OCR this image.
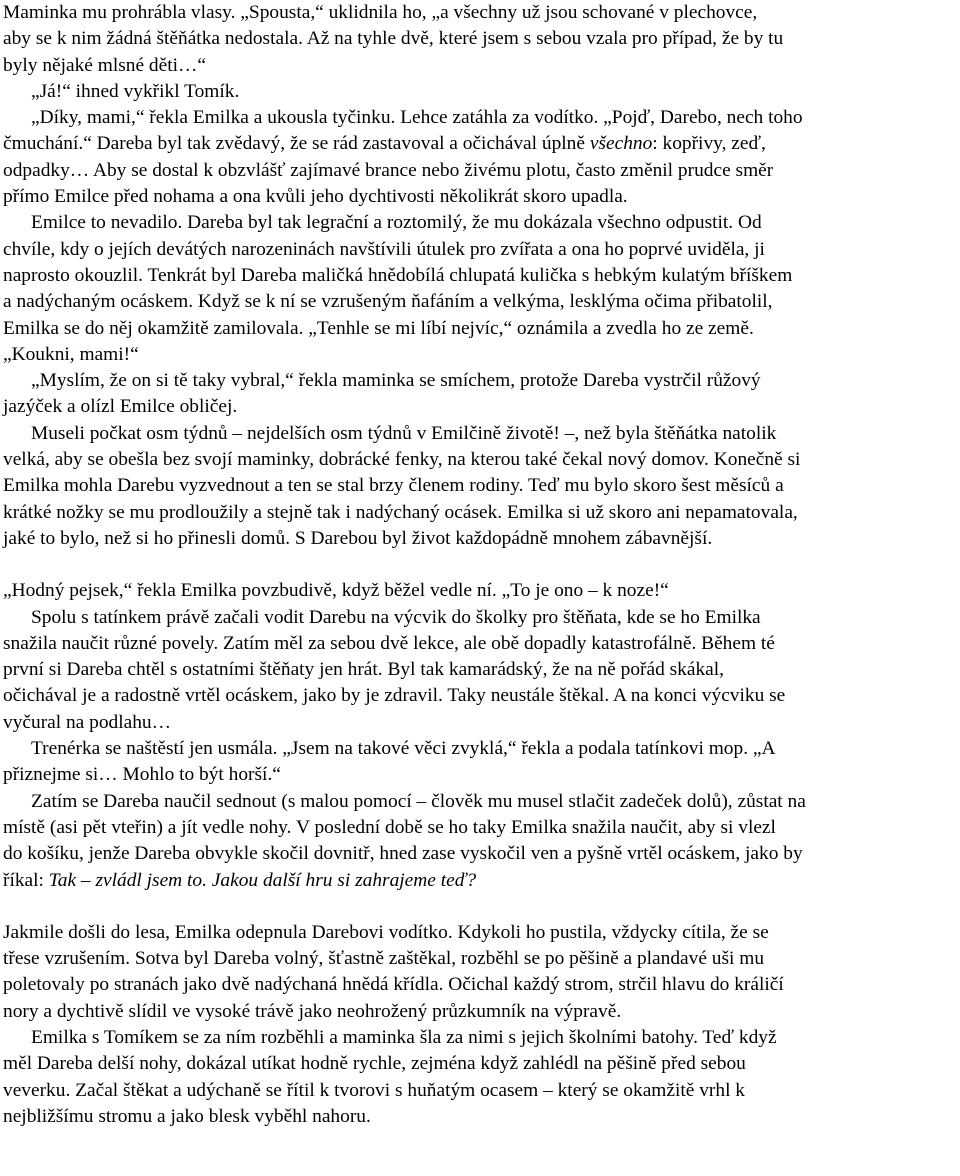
Maminka mu prohrábla vlasy. „Spousta,“ uklidnila ho, „a všechny už jsou schované v plechovce,
aby se k nim žádná štěňátka nedostala. Až na tyhle dvě, které jsem s sebou vzala pro případ, že by tu
byly nějaké mlsné děti…“
„Já!“ ihned vykřikl Tomík.
„Díky, mami,“ řekla Emilka a ukousla tyčinku. Lehce zatáhla za vodítko. „Pojď, Darebo, nech toho
čmuchání.“ Dareba byl tak zvědavý, že se rád zastavoval a očichával úplně všechno: kopřivy, zeď,
odpadky… Aby se dostal k obzvlášť zajímavé brance nebo živému plotu, často změnil prudce směr
přímo Emilce před nohama a ona kvůli jeho dychtivosti několikrát skoro upadla.
Emilce to nevadilo. Dareba byl tak legrační a roztomilý, že mu dokázala všechno odpustit. Od
chvíle, kdy o jejích devátých narozeninách navštívili útulek pro zvířata a ona ho poprvé uviděla, ji
naprosto okouzlil. Tenkrát byl Dareba maličká hnědobílá chlupatá kulička s hebkým kulatým bříškem
a nadýchaným ocáskem. Když se k ní se vzrušeným ňafáním a velkýma, lesklýma očima přibatolil,
Emilka se do něj okamžitě zamilovala. „Tenhle se mi líbí nejvíc,“ oznámila a zvedla ho ze země.
„Koukni, mami!“
„Myslím, že on si tě taky vybral,“ řekla maminka se smíchem, protože Dareba vystrčil růžový
jazýček a olízl Emilce obličej.
Museli počkat osm týdnů – nejdelších osm týdnů v Emilčině životě! –, než byla štěňátka natolik
velká, aby se obešla bez svojí maminky, dobrácké fenky, na kterou také čekal nový domov. Konečně si
Emilka mohla Darebu vyzvednout a ten se stal brzy členem rodiny. Teď mu bylo skoro šest měsíců a
krátké nožky se mu prodloužily a stejně tak i nadýchaný ocásek. Emilka si už skoro ani nepamatovala,
jaké to bylo, než si ho přinesli domů. S Darebou byl život každopádně mnohem zábavnější.
„Hodný pejsek,“ řekla Emilka povzbudivě, když běžel vedle ní. „To je ono – k noze!“
Spolu s tatínkem právě začali vodit Darebu na výcvik do školky pro štěňata, kde se ho Emilka
snažila naučit různé povely. Zatím měl za sebou dvě lekce, ale obě dopadly katastrofálně. Během té
první si Dareba chtěl s ostatními štěňaty jen hrát. Byl tak kamarádský, že na ně pořád skákal,
očichával je a radostně vrtěl ocáskem, jako by je zdravil. Taky neustále štěkal. A na konci výcviku se
vyčural na podlahu…
Trenérka se naštěstí jen usmála. „Jsem na takové věci zvyklá,“ řekla a podala tatínkovi mop. „A
přiznejme si… Mohlo to být horší.“
Zatím se Dareba naučil sednout (s malou pomocí – člověk mu musel stlačit zadeček dolů), zůstat na
místě (asi pět vteřin) a jít vedle nohy. V poslední době se ho taky Emilka snažila naučit, aby si vlezl
do košíku, jenže Dareba obvykle skočil dovnitř, hned zase vyskočil ven a pyšně vrtěl ocáskem, jako by
říkal: Tak – zvládl jsem to. Jakou další hru si zahrajeme teď?
Jakmile došli do lesa, Emilka odepnula Darebovi vodítko. Kdykoli ho pustila, vždycky cítila, že se
třese vzrušením. Sotva byl Dareba volný, šťastně zaštěkal, rozběhl se po pěšině a plandavé uši mu
poletovaly po stranách jako dvě nadýchaná hnědá křídla. Očichal každý strom, strčil hlavu do králičí
nory a dychtivě slídil ve vysoké trávě jako neohrožený průzkumník na výpravě.
Emilka s Tomíkem se za ním rozběhli a maminka šla za nimi s jejich školními batohy. Teď když
měl Dareba delší nohy, dokázal utíkat hodně rychle, zejména když zahlédl na pěšině před sebou
veverku. Začal štěkat a udýchaně se řítil k tvorovi s huňatým ocasem – který se okamžitě vrhl k
nejbližšímu stromu a jako blesk vyběhl nahoru.
